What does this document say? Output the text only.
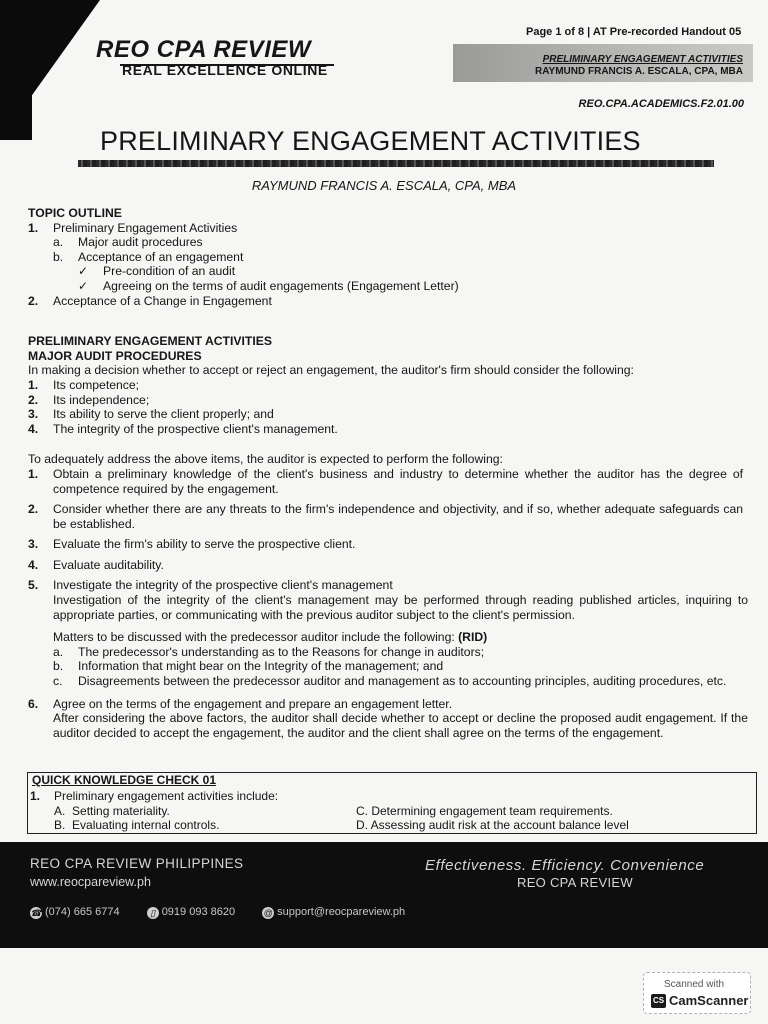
REO CPA REVIEW
REAL EXCELLENCE ONLINE
Page 1 of 8 | AT Pre-recorded Handout 05
PRELIMINARY ENGAGEMENT ACTIVITIES
RAYMUND FRANCIS A. ESCALA, CPA, MBA
REO.CPA.ACADEMICS.F2.01.00
PRELIMINARY ENGAGEMENT ACTIVITIES
RAYMUND FRANCIS A. ESCALA, CPA, MBA
TOPIC OUTLINE
1. Preliminary Engagement Activities
a. Major audit procedures
b. Acceptance of an engagement
✓ Pre-condition of an audit
✓ Agreeing on the terms of audit engagements (Engagement Letter)
2. Acceptance of a Change in Engagement
PRELIMINARY ENGAGEMENT ACTIVITIES
MAJOR AUDIT PROCEDURES
In making a decision whether to accept or reject an engagement, the auditor's firm should consider the following:
1. Its competence;
2. Its independence;
3. Its ability to serve the client properly; and
4. The integrity of the prospective client's management.
To adequately address the above items, the auditor is expected to perform the following:
1. Obtain a preliminary knowledge of the client's business and industry to determine whether the auditor has the degree of competence required by the engagement.
2. Consider whether there are any threats to the firm's independence and objectivity, and if so, whether adequate safeguards can be established.
3. Evaluate the firm's ability to serve the prospective client.
4. Evaluate auditability.
5. Investigate the integrity of the prospective client's management
Investigation of the integrity of the client's management may be performed through reading published articles, inquiring to appropriate parties, or communicating with the previous auditor subject to the client's permission.
Matters to be discussed with the predecessor auditor include the following: (RID)
a. The predecessor's understanding as to the Reasons for change in auditors;
b. Information that might bear on the Integrity of the management; and
c. Disagreements between the predecessor auditor and management as to accounting principles, auditing procedures, etc.
6. Agree on the terms of the engagement and prepare an engagement letter.
After considering the above factors, the auditor shall decide whether to accept or decline the proposed audit engagement. If the auditor decided to accept the engagement, the auditor and the client shall agree on the terms of the engagement.
QUICK KNOWLEDGE CHECK 01
1. Preliminary engagement activities include:
A. Setting materiality.
B. Evaluating internal controls.
C. Determining engagement team requirements.
D. Assessing audit risk at the account balance level
REO CPA REVIEW PHILIPPINES
www.reocpareview.ph
Effectiveness. Efficiency. Convenience
REO CPA REVIEW
☎ (074) 665 6774	▯ 0919 093 8620	@ support@reocpareview.ph
Scanned with
CS CamScanner
